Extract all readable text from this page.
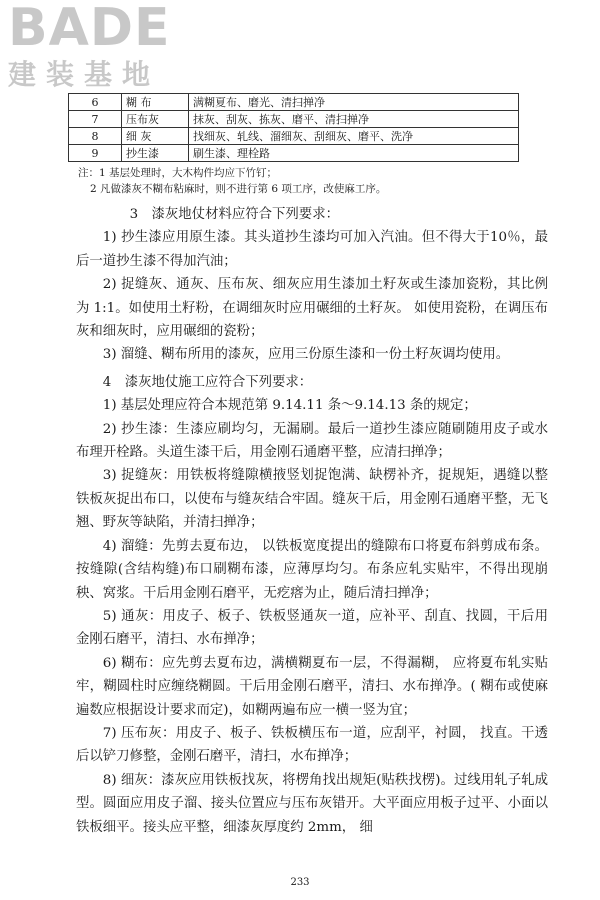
BADE
建装基地
6	糊 布	满糊夏布、磨光、清扫掸净
7	压布灰	抹灰、刮灰、拣灰、磨平、清扫掸净
8	细 灰	找细灰、轧线、溜细灰、刮细灰、磨平、洗净
9	抄生漆	刷生漆、理栓路
注：1 基层处理时，大木构件均应下竹钉；
2 凡做漆灰不糊布粘麻时，则不进行第 6 项工序，改使麻工序。

3　漆灰地仗材料应符合下列要求：

1) 抄生漆应用原生漆。其头道抄生漆均可加入汽油。但不得大于10％，最后一道抄生漆不得加汽油；

2) 捉缝灰、通灰、压布灰、细灰应用生漆加土籽灰或生漆加瓷粉，其比例为 1:1。如使用土籽粉，在调细灰时应用碾细的土籽灰。 如使用瓷粉，在调压布灰和细灰时，应用碾细的瓷粉；

3) 溜缝、糊布所用的漆灰，应用三份原生漆和一份土籽灰调均使用。

4　漆灰地仗施工应符合下列要求：

1) 基层处理应符合本规范第 9.14.11 条～9.14.13 条的规定；

2) 抄生漆：生漆应刷均匀，无漏刷。最后一道抄生漆应随刷随用皮子或水布理开栓路。头道生漆干后，用金刚石通磨平整，应清扫掸净；

3) 捉缝灰：用铁板将缝隙横掖竖划捉饱满、缺楞补齐，捉规矩，遇缝以整铁板灰捉出布口，以使布与缝灰结合牢固。缝灰干后，用金刚石通磨平整，无飞翘、野灰等缺陷，并清扫掸净；

4) 溜缝：先剪去夏布边， 以铁板宽度提出的缝隙布口将夏布斜剪成布条。按缝隙(含结构缝)布口刷糊布漆，应薄厚均匀。布条应轧实贴牢，不得出现崩秧、窝浆。干后用金刚石磨平，无疙瘩为止，随后清扫掸净；

5) 通灰：用皮子、板子、铁板竖通灰一道，应补平、刮直、找圆，干后用金刚石磨平，清扫、水布掸净；

6) 糊布：应先剪去夏布边，满横糊夏布一层，不得漏糊， 应将夏布轧实贴牢，糊圆柱时应缠绕糊圆。干后用金刚石磨平，清扫、水布掸净。( 糊布或使麻遍数应根据设计要求而定)，如糊两遍布应一横一竖为宜；

7) 压布灰：用皮子、板子、铁板横压布一道，应刮平，衬圆， 找直。干透后以铲刀修整，金刚石磨平，清扫，水布掸净；

8) 细灰：漆灰应用铁板找灰，将楞角找出规矩(贴秩找楞)。过线用轧子轧成型。圆面应用皮子溜、接头位置应与压布灰错开。大平面应用板子过平、小面以铁板细平。接头应平整，细漆灰厚度约 2mm， 细

233
